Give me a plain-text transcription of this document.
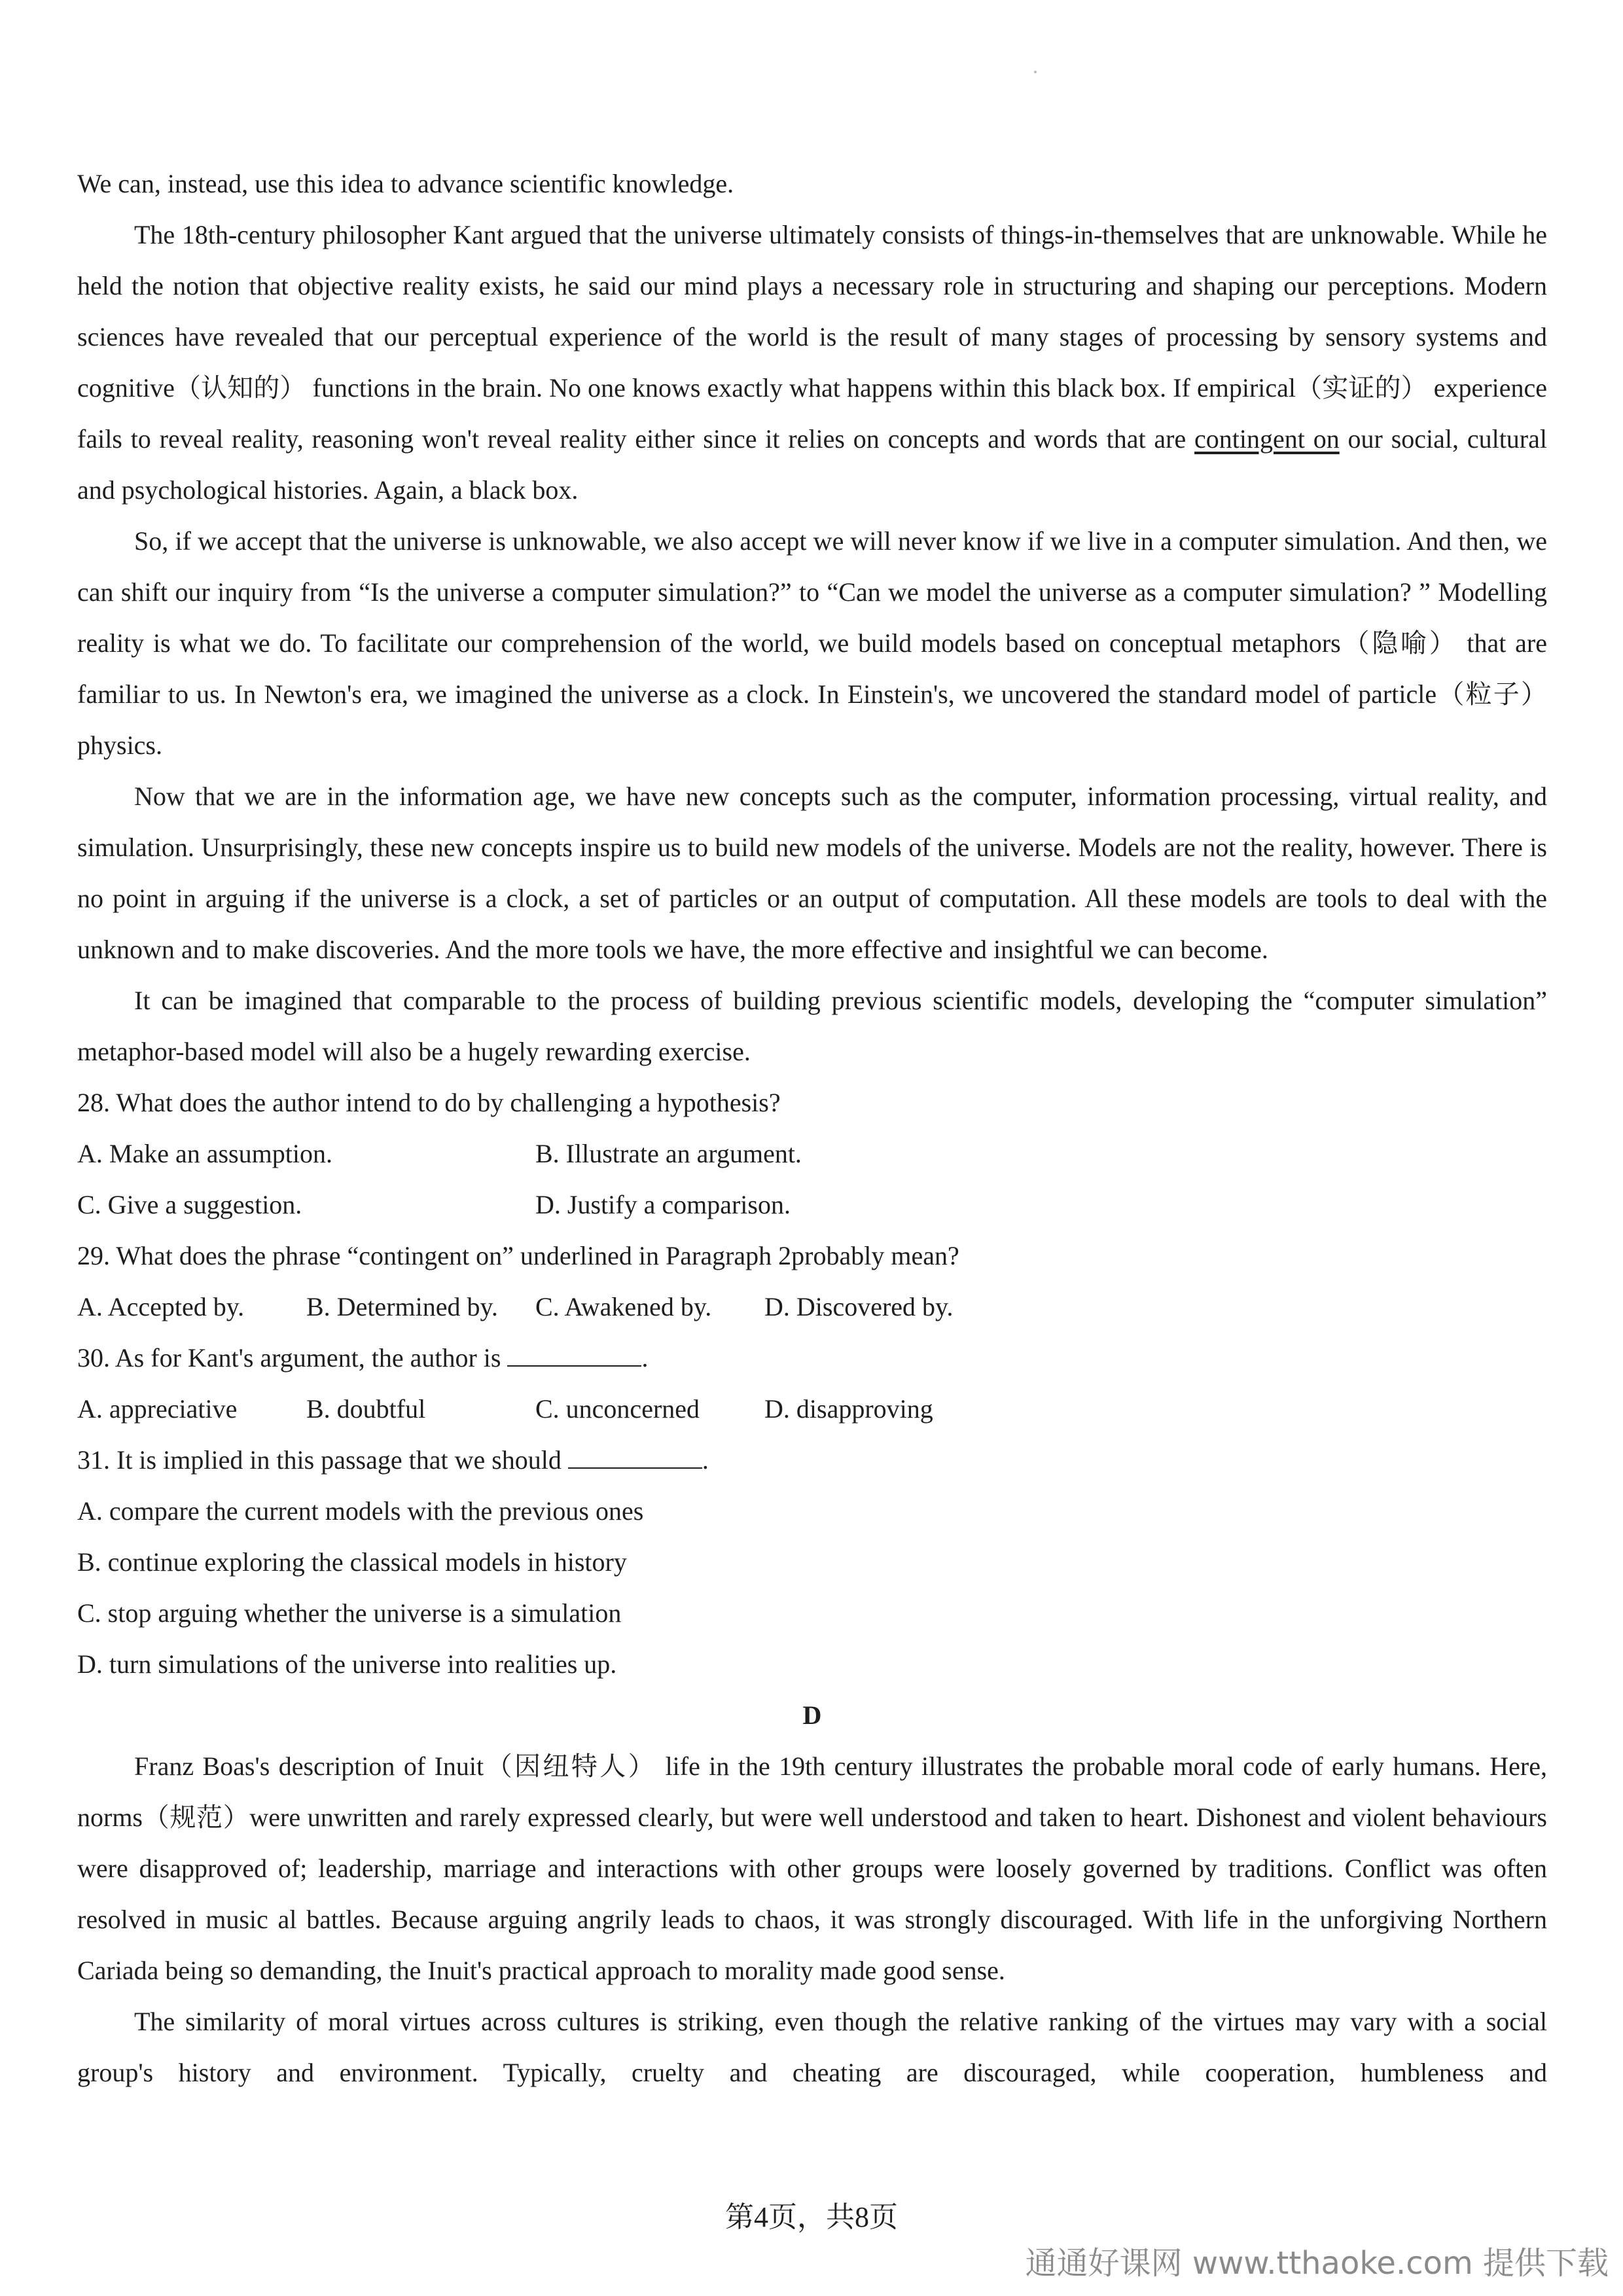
We can, instead, use this idea to advance scientific knowledge.

The 18th-century philosopher Kant argued that the universe ultimately consists of things-in-themselves that are unknowable. While he held the notion that objective reality exists, he said our mind plays a necessary role in structuring and shaping our perceptions. Modern sciences have revealed that our perceptual experience of the world is the result of many stages of processing by sensory systems and cognitive（认知的） functions in the brain. No one knows exactly what happens within this black box. If empirical（实证的） experience fails to reveal reality, reasoning won't reveal reality either since it relies on concepts and words that are contingent on our social, cultural and psychological histories. Again, a black box.

So, if we accept that the universe is unknowable, we also accept we will never know if we live in a computer simulation. And then, we can shift our inquiry from “Is the universe a computer simulation?” to “Can we model the universe as a computer simulation? ” Modelling reality is what we do. To facilitate our comprehension of the world, we build models based on conceptual metaphors（隐喻） that are familiar to us. In Newton's era, we imagined the universe as a clock. In Einstein's, we uncovered the standard model of particle（粒子） physics.

Now that we are in the information age, we have new concepts such as the computer, information processing, virtual reality, and simulation. Unsurprisingly, these new concepts inspire us to build new models of the universe. Models are not the reality, however. There is no point in arguing if the universe is a clock, a set of particles or an output of computation. All these models are tools to deal with the unknown and to make discoveries. And the more tools we have, the more effective and insightful we can become.

It can be imagined that comparable to the process of building previous scientific models, developing the “computer simulation” metaphor-based model will also be a hugely rewarding exercise.

28. What does the author intend to do by challenging a hypothesis?

A. Make an assumption.	B. Illustrate an argument.
C. Give a suggestion.	D. Justify a comparison.

29. What does the phrase “contingent on” underlined in Paragraph 2probably mean?

A. Accepted by.	B. Determined by.	C. Awakened by.	D. Discovered by.

30. As for Kant's argument, the author is	.

A. appreciative	B. doubtful	C. unconcerned	D. disapproving

31. It is implied in this passage that we should	.

A. compare the current models with the previous ones

B. continue exploring the classical models in history

C. stop arguing whether the universe is a simulation

D. turn simulations of the universe into realities up.

D

Franz Boas's description of Inuit（因纽特人） life in the 19th century illustrates the probable moral code of early humans. Here, norms（规范）were unwritten and rarely expressed clearly, but were well understood and taken to heart. Dishonest and violent behaviours were disapproved of; leadership, marriage and interactions with other groups were loosely governed by traditions. Conflict was often resolved in music al battles. Because arguing angrily leads to chaos, it was strongly discouraged. With life in the unforgiving Northern Cariada being so demanding, the Inuit's practical approach to morality made good sense.

The similarity of moral virtues across cultures is striking, even though the relative ranking of the virtues may vary with a social group's history and environment. Typically, cruelty and cheating are discouraged, while cooperation, humbleness and

第4页，共8页
通通好课网 www.tthaoke.com 提供下载
